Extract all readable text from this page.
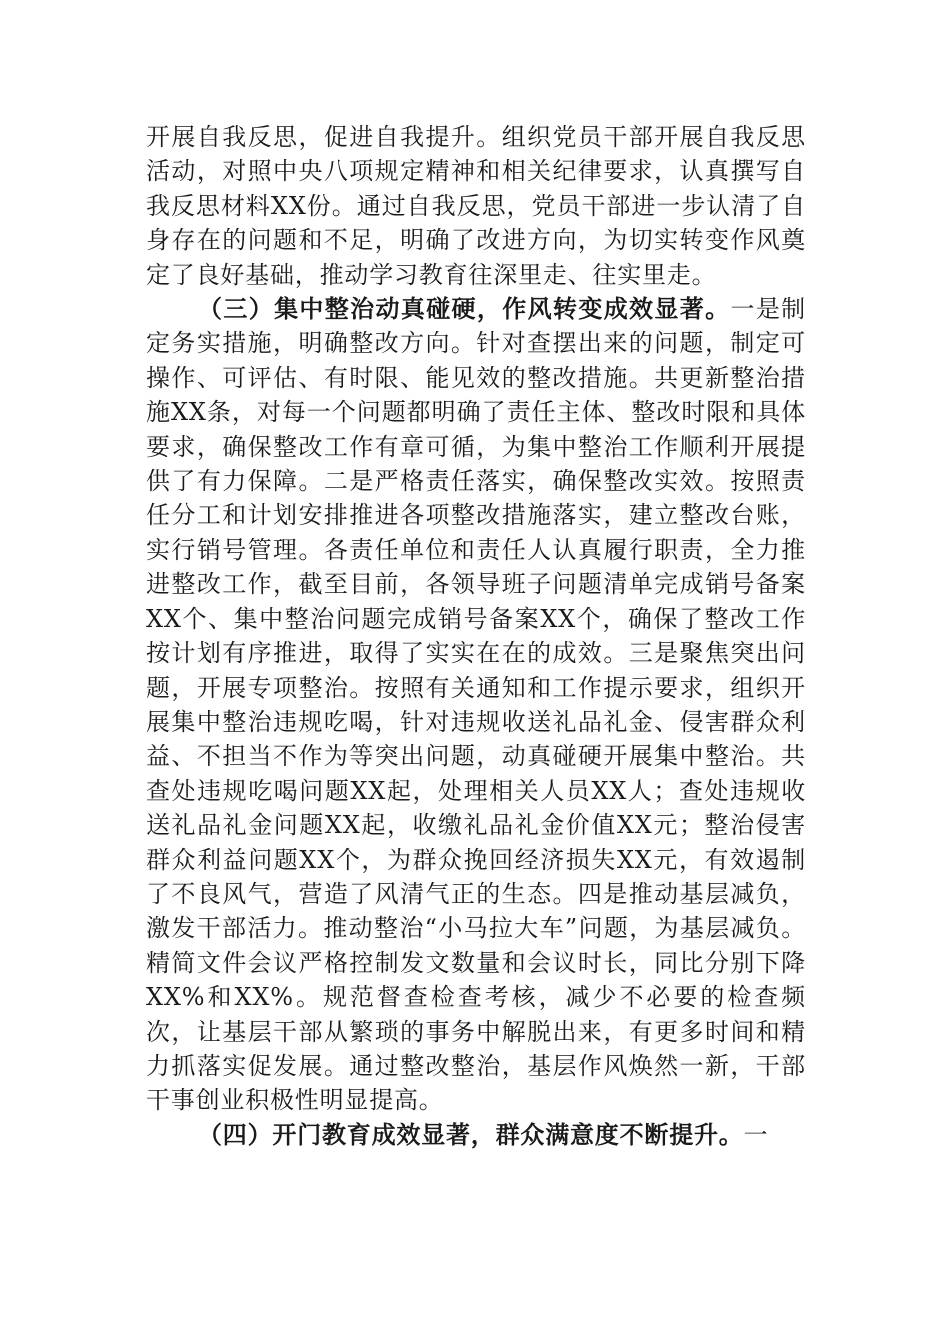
开展自我反思，促进自我提升。组织党员干部开展自我反思活动，对照中央八项规定精神和相关纪律要求，认真撰写自我反思材料XX份。通过自我反思，党员干部进一步认清了自身存在的问题和不足，明确了改进方向，为切实转变作风奠定了良好基础，推动学习教育往深里走、往实里走。

（三）集中整治动真碰硬，作风转变成效显著。一是制定务实措施，明确整改方向。针对查摆出来的问题，制定可操作、可评估、有时限、能见效的整改措施。共更新整治措施XX条，对每一个问题都明确了责任主体、整改时限和具体要求，确保整改工作有章可循，为集中整治工作顺利开展提供了有力保障。二是严格责任落实，确保整改实效。按照责任分工和计划安排推进各项整改措施落实，建立整改台账，实行销号管理。各责任单位和责任人认真履行职责，全力推进整改工作，截至目前，各领导班子问题清单完成销号备案XX个、集中整治问题完成销号备案XX个，确保了整改工作按计划有序推进，取得了实实在在的成效。三是聚焦突出问题，开展专项整治。按照有关通知和工作提示要求，组织开展集中整治违规吃喝，针对违规收送礼品礼金、侵害群众利益、不担当不作为等突出问题，动真碰硬开展集中整治。共查处违规吃喝问题XX起，处理相关人员XX人；查处违规收送礼品礼金问题XX起，收缴礼品礼金价值XX元；整治侵害群众利益问题XX个，为群众挽回经济损失XX元，有效遏制了不良风气，营造了风清气正的生态。四是推动基层减负，激发干部活力。推动整治“小马拉大车”问题，为基层减负。精简文件会议严格控制发文数量和会议时长，同比分别下降XX%和XX%。规范督查检查考核，减少不必要的检查频次，让基层干部从繁琐的事务中解脱出来，有更多时间和精力抓落实促发展。通过整改整治，基层作风焕然一新，干部干事创业积极性明显提高。

（四）开门教育成效显著，群众满意度不断提升。一
